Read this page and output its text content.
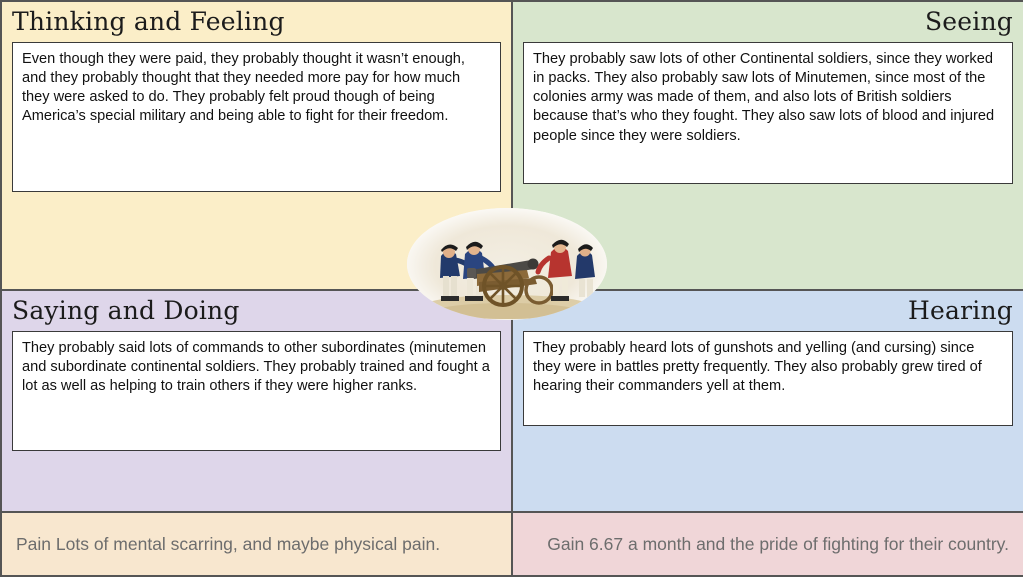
Thinking and Feeling

Even though they were paid, they probably thought it wasn’t enough, and they probably thought that they needed more pay for how much they were asked to do. They probably felt proud though of being America’s special military and being able to fight for their freedom.

Seeing

They probably saw lots of other Continental soldiers, since they worked in packs. They also probably saw lots of Minutemen, since most of the colonies army was made of them, and also lots of British soldiers because that’s who they fought. They also saw lots of blood and injured people since they were soldiers.

Saying and Doing

They probably said lots of commands to other subordinates (minutemen and subordinate continental soldiers. They probably trained and fought a lot as well as helping to train others if they were higher ranks.

Hearing

They probably heard lots of gunshots and yelling (and cursing) since they were in battles pretty frequently. They also probably grew tired of hearing their commanders yell at them.

Pain Lots of mental scarring, and maybe physical pain.	Gain 6.67 a month and the pride of fighting for their country.
